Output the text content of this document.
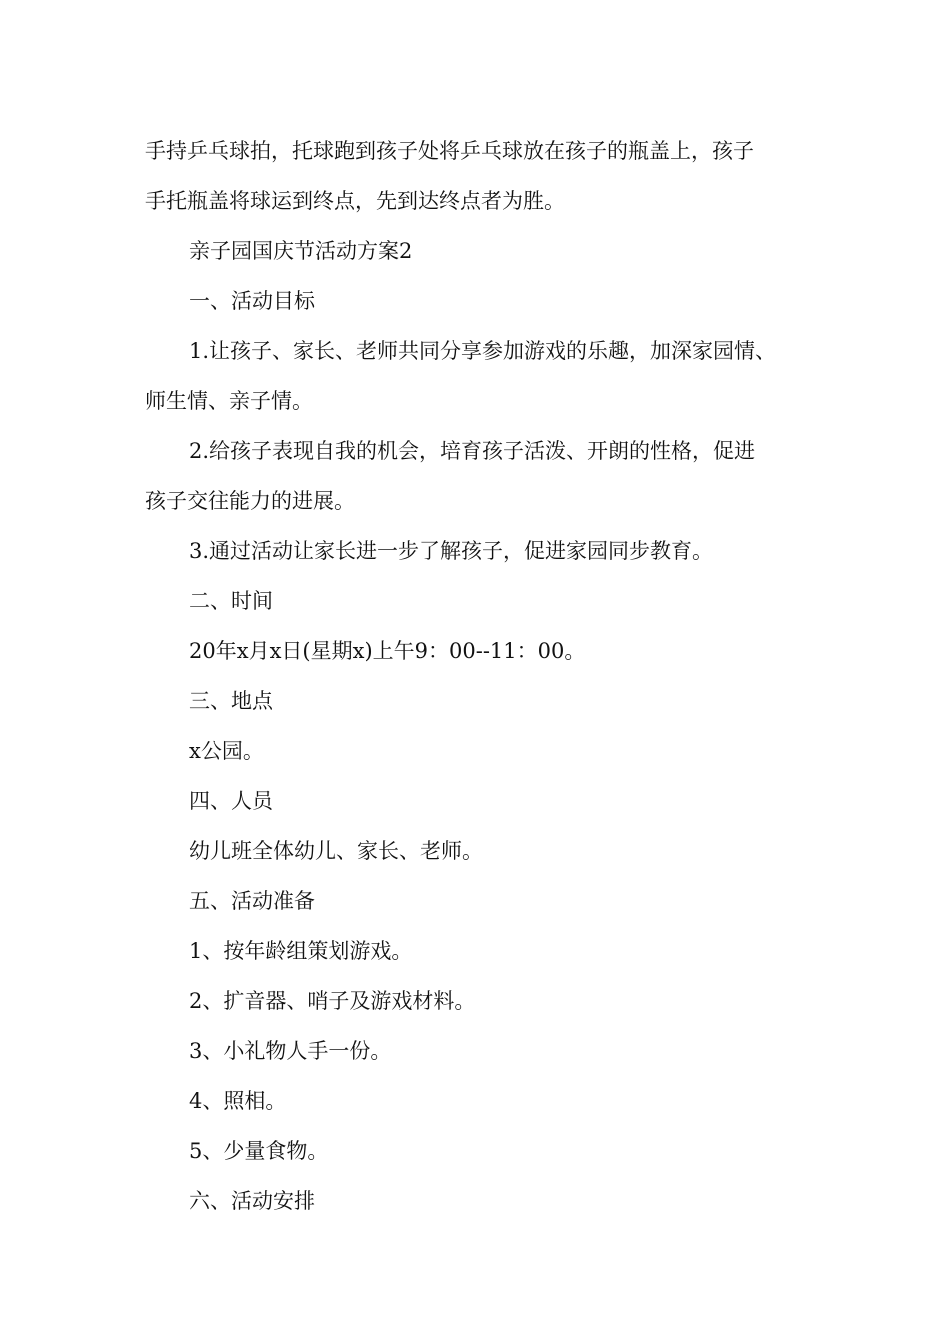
手持乒乓球拍，托球跑到孩子处将乒乓球放在孩子的瓶盖上，孩子
手托瓶盖将球运到终点，先到达终点者为胜。
亲子园国庆节活动方案2
一、活动目标
1.让孩子、家长、老师共同分享参加游戏的乐趣，加深家园情、
师生情、亲子情。
2.给孩子表现自我的机会，培育孩子活泼、开朗的性格，促进
孩子交往能力的进展。
3.通过活动让家长进一步了解孩子，促进家园同步教育。
二、时间
20年x月x日(星期x)上午9：00--11：00。
三、地点
x公园。
四、人员
幼儿班全体幼儿、家长、老师。
五、活动准备
1、按年龄组策划游戏。
2、扩音器、哨子及游戏材料。
3、小礼物人手一份。
4、照相。
5、少量食物。
六、活动安排
